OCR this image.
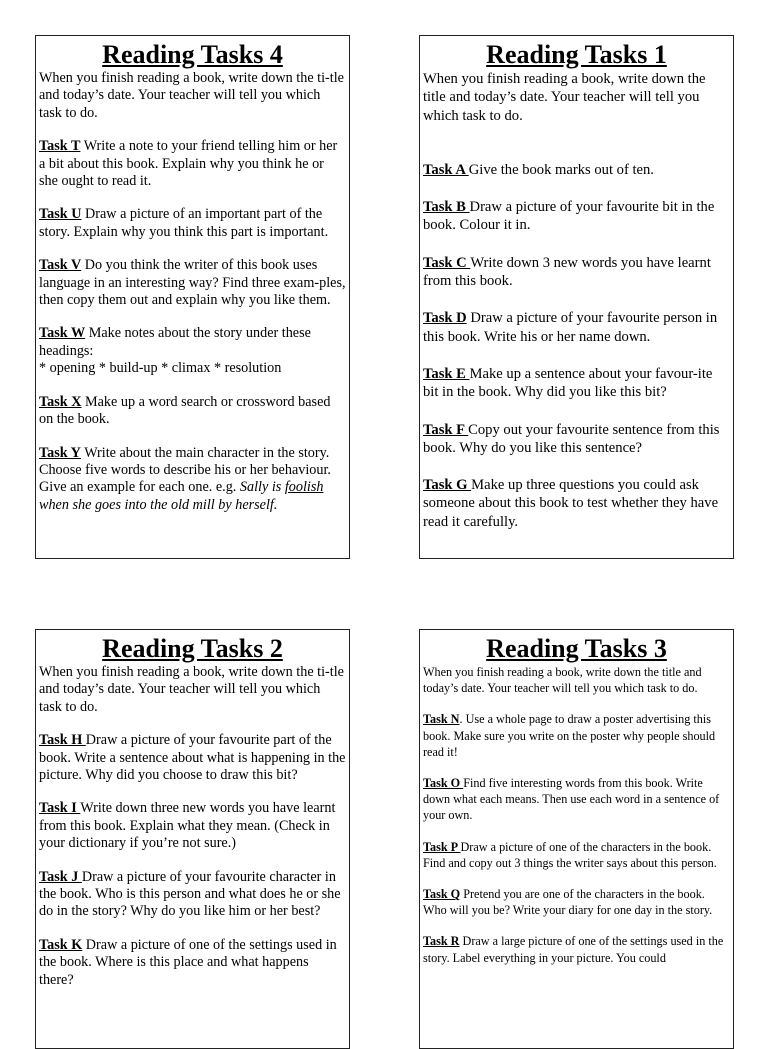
Reading Tasks 4

When you finish reading a book, write down the ti-tle and today’s date. Your teacher will tell you which task to do.

Task T Write a note to your friend telling him or her a bit about this book. Explain why you think he or she ought to read it.

Task U Draw a picture of an important part of the story. Explain why you think this part is important.

Task V Do you think the writer of this book uses language in an interesting way? Find three exam-ples, then copy them out and explain why you like them.

Task W Make notes about the story under these headings:
* opening * build-up * climax * resolution

Task X Make up a word search or crossword based on the book.

Task Y Write about the main character in the story. Choose five words to describe his or her behaviour. Give an example for each one. e.g. Sally is foolish when she goes into the old mill by herself.

Reading Tasks 1

When you finish reading a book, write down the title and today’s date. Your teacher will tell you which task to do.

Task A Give the book marks out of ten.

Task B Draw a picture of your favourite bit in the book. Colour it in.

Task C Write down 3 new words you have learnt from this book.

Task D Draw a picture of your favourite person in this book. Write his or her name down.

Task E Make up a sentence about your favour-ite bit in the book. Why did you like this bit?

Task F Copy out your favourite sentence from this book. Why do you like this sentence?

Task G Make up three questions you could ask someone about this book to test whether they have read it carefully.

Reading Tasks 2

When you finish reading a book, write down the ti-tle and today’s date. Your teacher will tell you which task to do.

Task H Draw a picture of your favourite part of the book. Write a sentence about what is happening in the picture. Why did you choose to draw this bit?

Task I Write down three new words you have learnt from this book. Explain what they mean. (Check in your dictionary if you’re not sure.)

Task J Draw a picture of your favourite character in the book. Who is this person and what does he or she do in the story? Why do you like him or her best?

Task K Draw a picture of one of the settings used in the book. Where is this place and what happens there?

Reading Tasks 3

When you finish reading a book, write down the title and today’s date. Your teacher will tell you which task to do.

Task N. Use a whole page to draw a poster advertising this book. Make sure you write on the poster why people should read it!

Task O Find five interesting words from this book. Write down what each means. Then use each word in a sentence of your own.

Task P Draw a picture of one of the characters in the book. Find and copy out 3 things the writer says about this person.

Task Q Pretend you are one of the characters in the book. Who will you be? Write your diary for one day in the story.

Task R Draw a large picture of one of the settings used in the story. Label everything in your picture. You could
